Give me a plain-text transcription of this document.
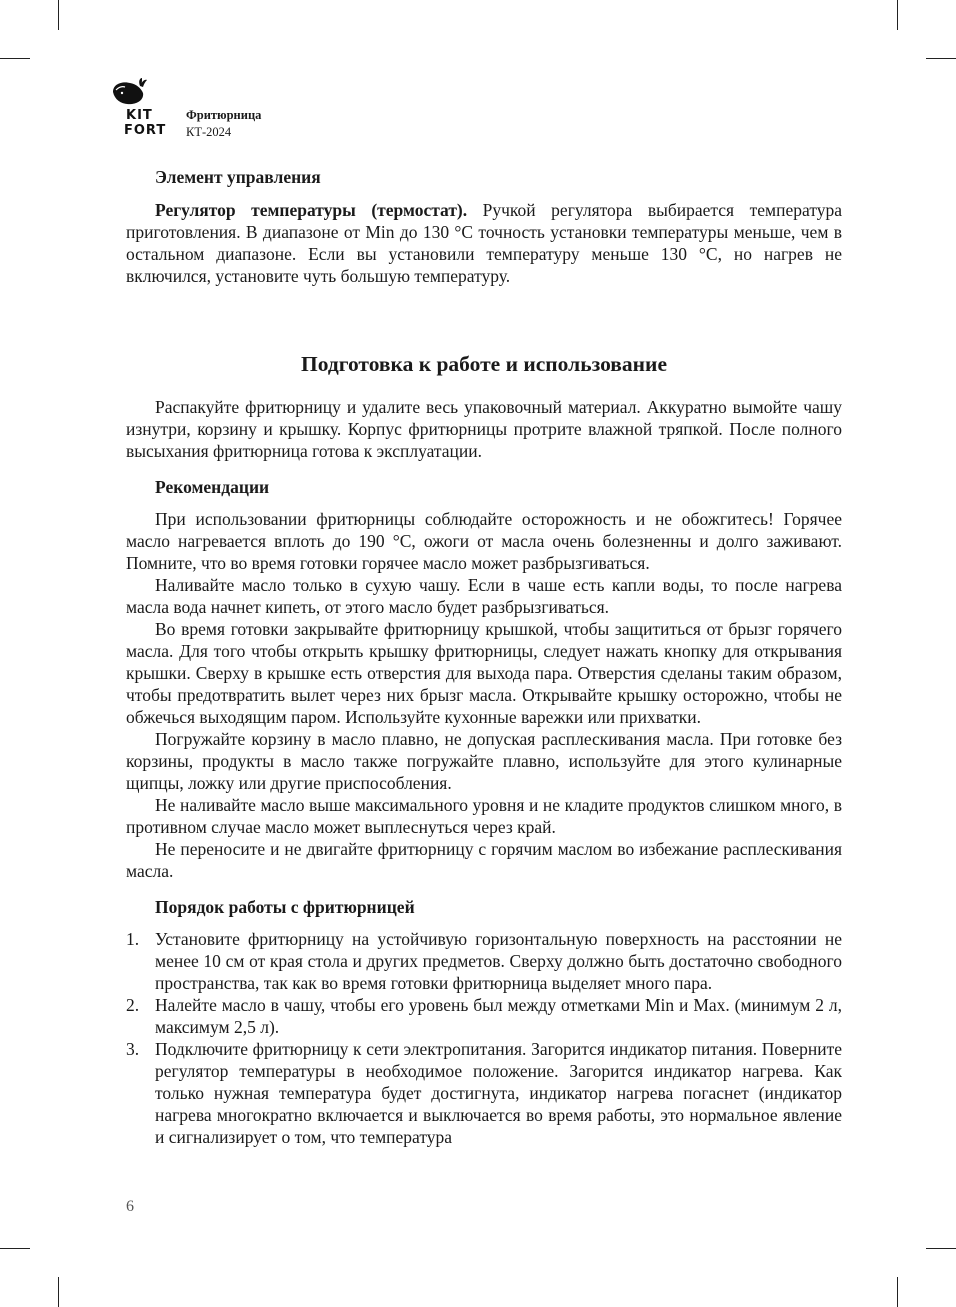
KIT
FORT
Фритюрница
КТ-2024
Элемент управления

Регулятор температуры (термостат). Ручкой регулятора выбирается температура приготовления. В диапазоне от Min до 130 °C точность установки температуры меньше, чем в остальном диапазоне. Если вы установили температуру меньше 130 °C, но нагрев не включился, установите чуть большую температуру.

Подготовка к работе и использование

Распакуйте фритюрницу и удалите весь упаковочный материал. Аккуратно вымойте чашу изнутри, корзину и крышку. Корпус фритюрницы протрите влажной тряпкой. После полного высыхания фритюрница готова к эксплуатации.

Рекомендации

При использовании фритюрницы соблюдайте осторожность и не обожгитесь! Горячее масло нагревается вплоть до 190 °C, ожоги от масла очень болезненны и долго заживают. Помните, что во время готовки горячее масло может разбрызгиваться.

Наливайте масло только в сухую чашу. Если в чаше есть капли воды, то после нагрева масла вода начнет кипеть, от этого масло будет разбрызгиваться.

Во время готовки закрывайте фритюрницу крышкой, чтобы защититься от брызг горячего масла. Для того чтобы открыть крышку фритюрницы, следует нажать кнопку для открывания крышки. Сверху в крышке есть отверстия для выхода пара. Отверстия сделаны таким образом, чтобы предотвратить вылет через них брызг масла. Открывайте крышку осторожно, чтобы не обжечься выходящим паром. Используйте кухонные варежки или прихватки.

Погружайте корзину в масло плавно, не допуская расплескивания масла. При готовке без корзины, продукты в масло также погружайте плавно, используйте для этого кулинарные щипцы, ложку или другие приспособления.

Не наливайте масло выше максимального уровня и не кладите продуктов слишком много, в противном случае масло может выплеснуться через край.

Не переносите и не двигайте фритюрницу с горячим маслом во избежание расплескивания масла.

Порядок работы с фритюрницей
1. Установите фритюрницу на устойчивую горизонтальную поверхность на расстоянии не менее 10 см от края стола и других предметов. Сверху должно быть достаточно свободного пространства, так как во время готовки фритюрница выделяет много пара.
2. Налейте масло в чашу, чтобы его уровень был между отметками Min и Max. (минимум 2 л, максимум 2,5 л).
3. Подключите фритюрницу к сети электропитания. Загорится индикатор питания. Поверните регулятор температуры в необходимое положение. Загорится индикатор нагрева. Как только нужная температура будет достигнута, индикатор нагрева погаснет (индикатор нагрева многократно включается и выключается во время работы, это нормальное явление и сигнализирует о том, что температура
6
